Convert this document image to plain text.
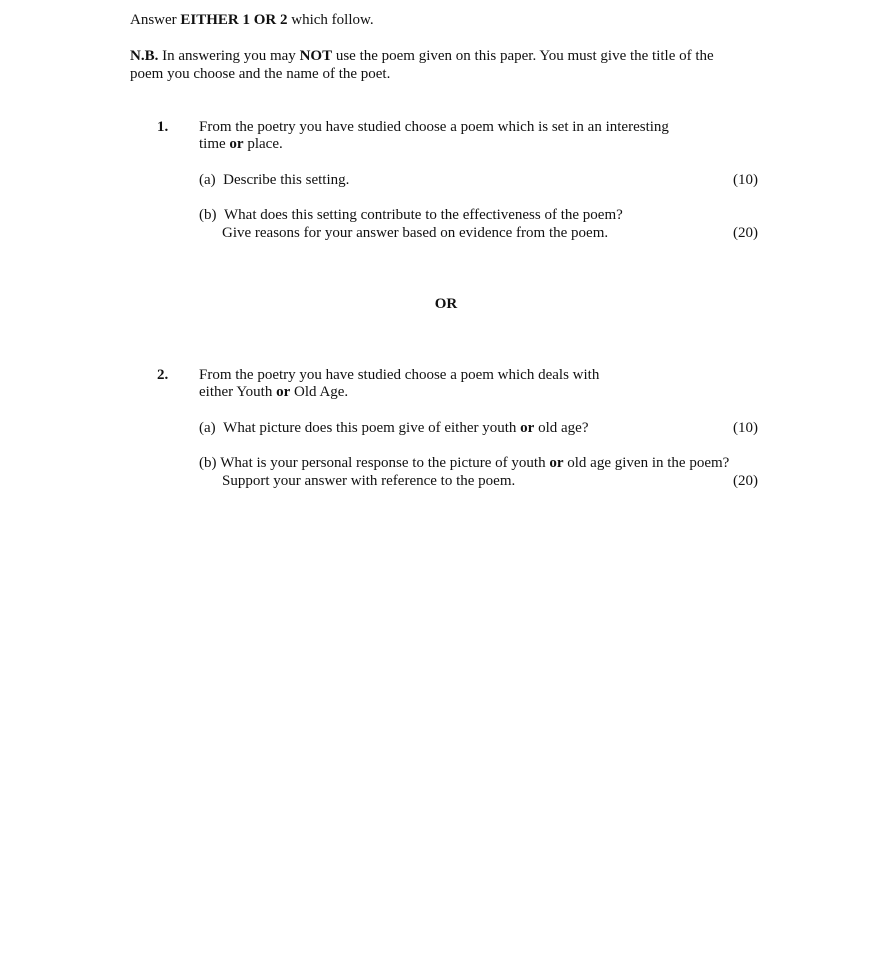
Answer EITHER 1 OR 2 which follow.
N.B. In answering you may NOT use the poem given on this paper. You must give the title of the
poem you choose and the name of the poet.
1. From the poetry you have studied choose a poem which is set in an interesting
time or place.
(a) Describe this setting.	(10)
(b) What does this setting contribute to the effectiveness of the poem?
Give reasons for your answer based on evidence from the poem.	(20)
OR
2. From the poetry you have studied choose a poem which deals with
either Youth or Old Age.
(a) What picture does this poem give of either youth or old age?	(10)
(b) What is your personal response to the picture of youth or old age given in the poem?
Support your answer with reference to the poem.	(20)
